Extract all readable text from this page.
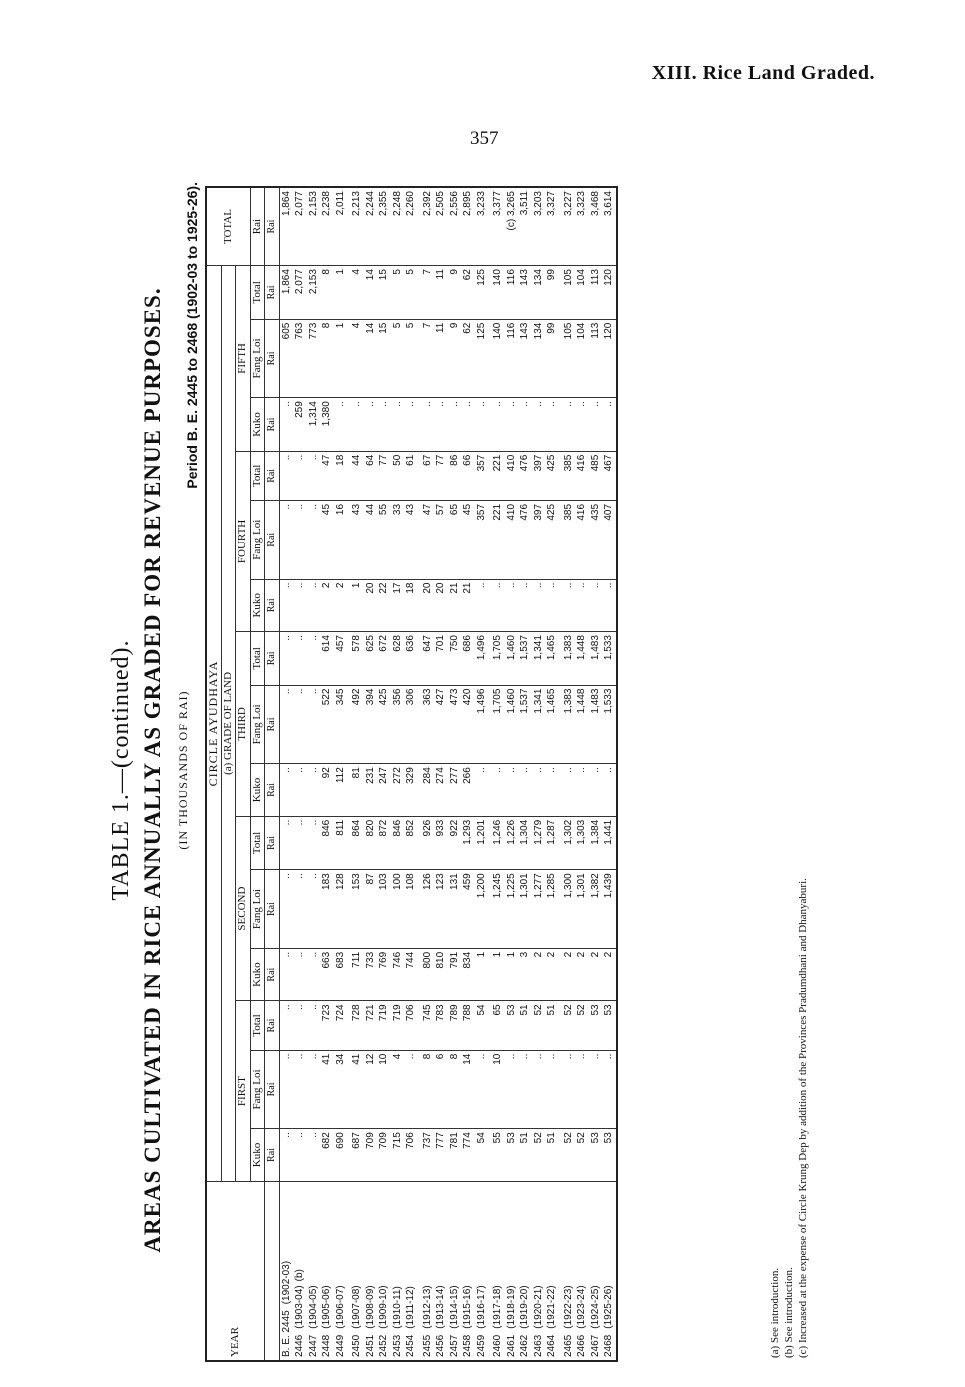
XIII. Rice Land Graded.
357
TABLE 1.—(continued). AREAS CULTIVATED IN RICE ANNUALLY AS GRADED FOR REVENUE PURPOSES. (IN THOUSANDS OF RAI)
Period B. E. 2445 to 2468 (1902-03 to 1925-26).
YEAR	CIRCLE AYUDHAYA															TOTAL
	(a) GRADE OF LAND															
	FIRST			SECOND			THIRD			FOURTH			FIFTH			
	Kuko	Fang Loi	Total	Kuko	Fang Loi	Total	Kuko	Fang Loi	Total	Kuko	Fang Loi	Total	Kuko	Fang Loi	Total	Rai
	Rai	Rai	Rai	Rai	Rai	Rai	Rai	Rai	Rai	Rai	Rai	Rai	Rai	Rai	Rai	Rai
B. E. 2445(1902-03)	..	..	..	..	..	..	..	..	..	..	..	..	..	605	1,864	1,864
2446(1903-04)(b)	..	..	..	..	..	..	..	..	..	..	..	..	259	763	2,077	2,077
2447(1904-05)	..	..	..	..	..	..	..	..	..	..	..	..	1,314	773	2,153	2,153
2448(1905-06)	682	41	723	663	183	846	92	522	614	2	45	47	1,380	8	8	2,238
2449(1906-07)	690	34	724	683	128	811	112	345	457	2	16	18	..	1	1	2,011
2450(1907-08)	687	41	728	711	153	864	81	492	578	1	43	44	..	4	4	2,213
2451(1908-09)	709	12	721	733	87	820	231	394	625	20	44	64	..	14	14	2,244
2452(1909-10)	709	10	719	769	103	872	247	425	672	22	55	77	..	15	15	2,355
2453(1910-11)	715	4	719	746	100	846	272	356	628	17	33	50	..	5	5	2,248
2454(1911-12)	706	..	706	744	108	852	329	306	636	18	43	61	..	5	5	2,260
2455(1912-13)	737	8	745	800	126	926	284	363	647	20	47	67	..	7	7	2,392
2456(1913-14)	777	6	783	810	123	933	274	427	701	20	57	77	..	11	11	2,505
2457(1914-15)	781	8	789	791	131	922	277	473	750	21	65	86	..	9	9	2,556
2458(1915-16)	774	14	788	834	459	1,293	266	420	686	21	45	66	..	62	62	2,895
2459(1916-17)	54	..	54	1	1,200	1,201	..	1,496	1,496	..	357	357	..	125	125	3,233
2460(1917-18)	55	10	65	1	1,245	1,246	..	1,705	1,705	..	221	221	..	140	140	3,377
2461(1918-19)	53	..	53	1	1,225	1,226	..	1,460	1,460	..	410	410	..	116	116	(c) 3,265
2462(1919-20)	51	..	51	3	1,301	1,304	..	1,537	1,537	..	476	476	..	143	143	3,511
2463(1920-21)	52	..	52	2	1,277	1,279	..	1,341	1,341	..	397	397	..	134	134	3,203
2464(1921-22)	51	..	51	2	1,285	1,287	..	1,465	1,465	..	425	425	..	99	99	3,327
2465(1922-23)	52	..	52	2	1,300	1,302	..	1,383	1,383	..	385	385	..	105	105	3,227
2466(1923-24)	52	..	52	2	1,301	1,303	..	1,448	1,448	..	416	416	..	104	104	3,323
2467(1924-25)	53	..	53	2	1,382	1,384	..	1,483	1,483	..	435	485	..	113	113	3,468
2468(1925-26)	53	..	53	2	1,439	1,441	..	1,533	1,533	..	407	467	..	120	120	3,614
(a) See introduction. (b) See introduction. (c) Increased at the expense of Circle Krung Dep by addition of the Provinces Pradumdhani and Dhanyaburi.
